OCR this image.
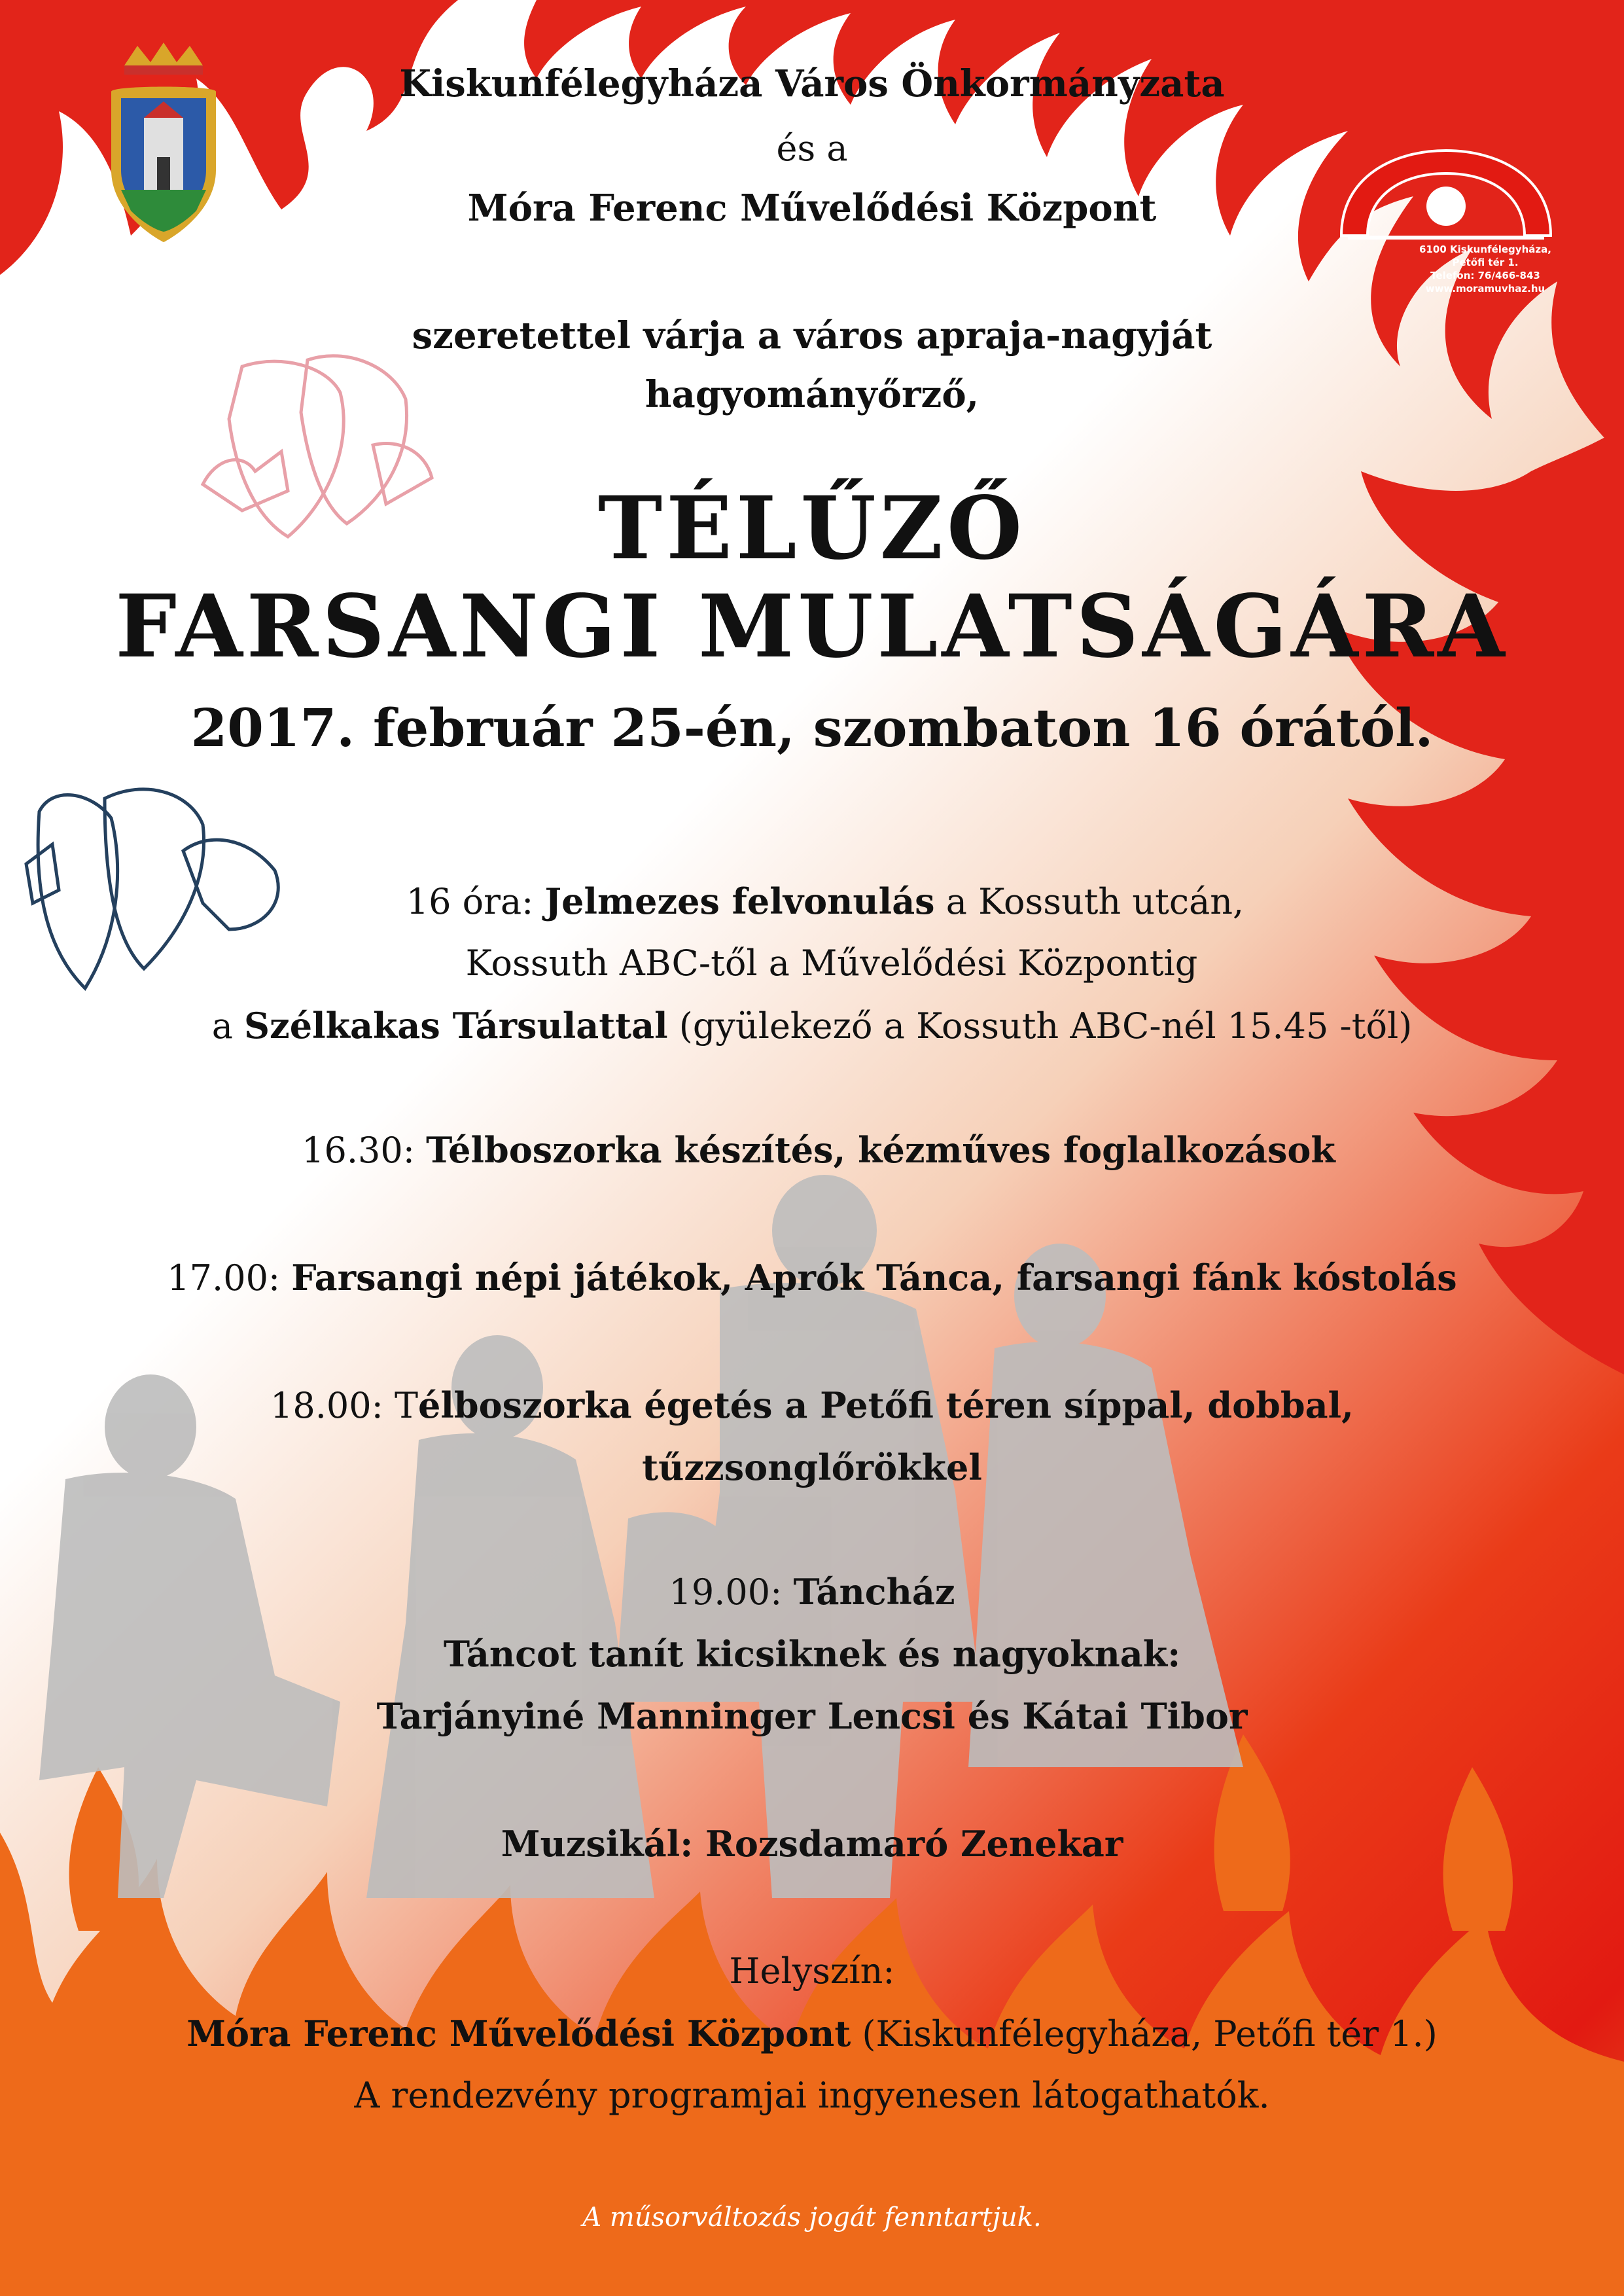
6100 Kiskunfélegyháza,
Petőfi tér 1.
Telefon: 76/466-843
www.moramuvhaz.hu
Kiskunfélegyháza Város Önkormányzata
és a
Móra Ferenc Művelődési Központ
szeretettel várja a város apraja-nagyját
hagyományőrző,
TÉLŰZŐ
FARSANGI MULATSÁGÁRA
2017. február 25-én, szombaton 16 órától.
16 óra: Jelmezes felvonulás a Kossuth utcán,
Kossuth ABC-től a Művelődési Központig
a Szélkakas Társulattal (gyülekező a Kossuth ABC-nél 15.45 -től)
16.30: Télboszorka készítés, kézműves foglalkozások
17.00: Farsangi népi játékok, Aprók Tánca, farsangi fánk kóstolás
18.00: Télboszorka égetés a Petőfi téren síppal, dobbal,
tűzzsonglőrökkel
19.00: Táncház
Táncot tanít kicsiknek és nagyoknak:
Tarjányiné Manninger Lencsi és Kátai Tibor
Muzsikál: Rozsdamaró Zenekar
Helyszín:
Móra Ferenc Művelődési Központ (Kiskunfélegyháza, Petőfi tér 1.)
A rendezvény programjai ingyenesen látogathatók.
A műsorváltozás jogát fenntartjuk.
